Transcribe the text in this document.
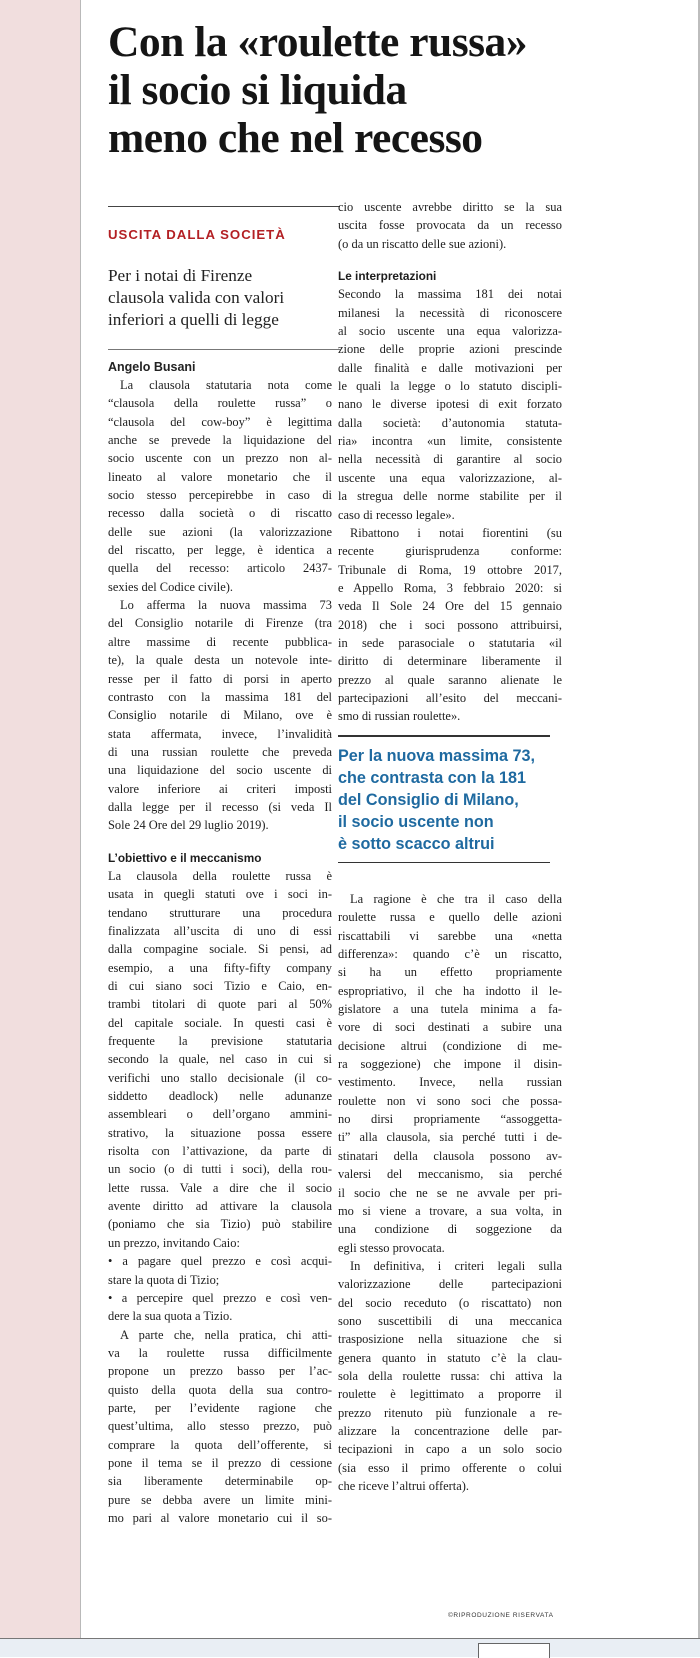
Con la «roulette russa»
il socio si liquida
meno che nel recesso
USCITA DALLA SOCIETÀ
Per i notai di Firenze
clausola valida con valori
inferiori a quelli di legge
Angelo Busani
La clausola statutaria nota come
“clausola della roulette russa” o
“clausola del cow-boy” è legittima
anche se prevede la liquidazione del
socio uscente con un prezzo non al-
lineato al valore monetario che il
socio stesso percepirebbe in caso di
recesso dalla società o di riscatto
delle sue azioni (la valorizzazione
del riscatto, per legge, è identica a
quella del recesso: articolo 2437-
sexies del Codice civile).
Lo afferma la nuova massima 73
del Consiglio notarile di Firenze (tra
altre massime di recente pubblica-
te), la quale desta un notevole inte-
resse per il fatto di porsi in aperto
contrasto con la massima 181 del
Consiglio notarile di Milano, ove è
stata affermata, invece, l’invalidità
di una russian roulette che preveda
una liquidazione del socio uscente di
valore inferiore ai criteri imposti
dalla legge per il recesso (si veda Il
Sole 24 Ore del 29 luglio 2019).
L’obiettivo e il meccanismo
La clausola della roulette russa è
usata in quegli statuti ove i soci in-
tendano strutturare una procedura
finalizzata all’uscita di uno di essi
dalla compagine sociale. Si pensi, ad
esempio, a una fifty-fifty company
di cui siano soci Tizio e Caio, en-
trambi titolari di quote pari al 50%
del capitale sociale. In questi casi è
frequente la previsione statutaria
secondo la quale, nel caso in cui si
verifichi uno stallo decisionale (il co-
siddetto deadlock) nelle adunanze
assembleari o dell’organo ammini-
strativo, la situazione possa essere
risolta con l’attivazione, da parte di
un socio (o di tutti i soci), della rou-
lette russa. Vale a dire che il socio
avente diritto ad attivare la clausola
(poniamo che sia Tizio) può stabilire
un prezzo, invitando Caio:
• a pagare quel prezzo e così acqui-
stare la quota di Tizio;
• a percepire quel prezzo e così ven-
dere la sua quota a Tizio.
A parte che, nella pratica, chi atti-
va la roulette russa difficilmente
propone un prezzo basso per l’ac-
quisto della quota della sua contro-
parte, per l’evidente ragione che
quest’ultima, allo stesso prezzo, può
comprare la quota dell’offerente, si
pone il tema se il prezzo di cessione
sia liberamente determinabile op-
pure se debba avere un limite mini-
mo pari al valore monetario cui il so-
cio uscente avrebbe diritto se la sua
uscita fosse provocata da un recesso
(o da un riscatto delle sue azioni).
Le interpretazioni
Secondo la massima 181 dei notai
milanesi la necessità di riconoscere
al socio uscente una equa valorizza-
zione delle proprie azioni prescinde
dalle finalità e dalle motivazioni per
le quali la legge o lo statuto discipli-
nano le diverse ipotesi di exit forzato
dalla società: d’autonomia statuta-
ria» incontra «un limite, consistente
nella necessità di garantire al socio
uscente una equa valorizzazione, al-
la stregua delle norme stabilite per il
caso di recesso legale».
Ribattono i notai fiorentini (su
recente giurisprudenza conforme:
Tribunale di Roma, 19 ottobre 2017,
e Appello Roma, 3 febbraio 2020: si
veda Il Sole 24 Ore del 15 gennaio
2018) che i soci possono attribuirsi,
in sede parasociale o statutaria «il
diritto di determinare liberamente il
prezzo al quale saranno alienate le
partecipazioni all’esito del meccani-
smo di russian roulette».
Per la nuova massima 73,
che contrasta con la 181
del Consiglio di Milano,
il socio uscente non
è sotto scacco altrui
La ragione è che tra il caso della
roulette russa e quello delle azioni
riscattabili vi sarebbe una «netta
differenza»: quando c’è un riscatto,
si ha un effetto propriamente
espropriativo, il che ha indotto il le-
gislatore a una tutela minima a fa-
vore di soci destinati a subire una
decisione altrui (condizione di me-
ra soggezione) che impone il disin-
vestimento. Invece, nella russian
roulette non vi sono soci che possa-
no dirsi propriamente “assoggetta-
ti” alla clausola, sia perché tutti i de-
stinatari della clausola possono av-
valersi del meccanismo, sia perché
il socio che ne se ne avvale per pri-
mo si viene a trovare, a sua volta, in
una condizione di soggezione da
egli stesso provocata.
In definitiva, i criteri legali sulla
valorizzazione delle partecipazioni
del socio receduto (o riscattato) non
sono suscettibili di una meccanica
trasposizione nella situazione che si
genera quanto in statuto c’è la clau-
sola della roulette russa: chi attiva la
roulette è legittimato a proporre il
prezzo ritenuto più funzionale a re-
alizzare la concentrazione delle par-
tecipazioni in capo a un solo socio
(sia esso il primo offerente o colui
che riceve l’altrui offerta).
©RIPRODUZIONE RISERVATA
